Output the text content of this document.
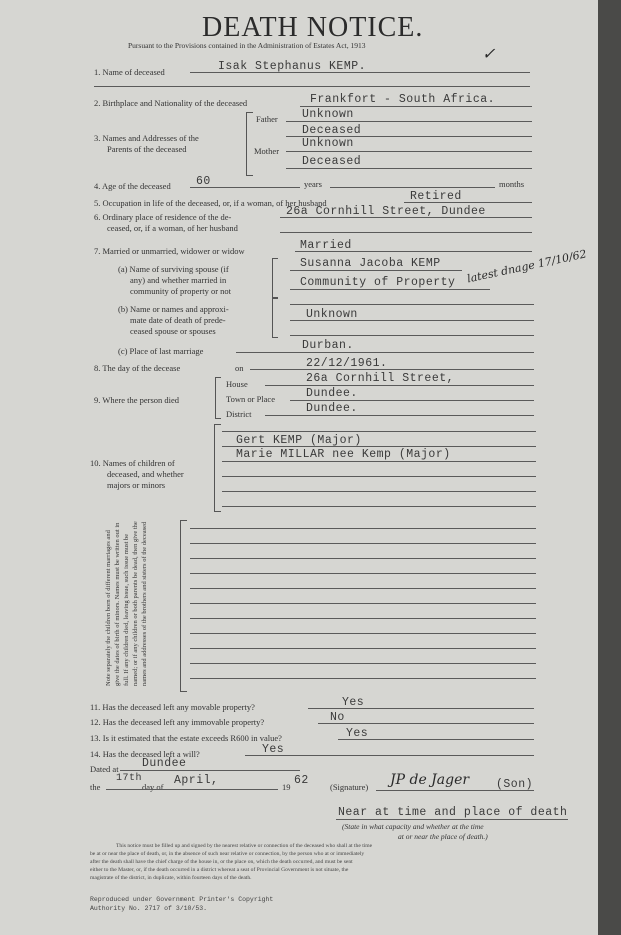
DEATH NOTICE.
Pursuant to the Provisions contained in the Administration of Estates Act, 1913	✓
1. Name of deceased	Isak Stephanus KEMP.
2. Birthplace and Nationality of the deceased	Frankfort - South Africa.
3. Names and Addresses of the
Parents of the deceased
Father Unknown
Deceased
Mother
Unknown
Deceased
4. Age of the deceased 60	years	months
5. Occupation in life of the deceased, or, if a woman, of her husband	Retired
6. Ordinary place of residence of the de-
ceased, or, if a woman, of her husband
26a Cornhill Street, Dundee
7. Married or unmarried, widower or widow	Married
(a) Name of surviving spouse (if
any) and whether married in
community of property or not
Susanna Jacoba KEMP
Community of Property latest dnage 17/10/62
(b) Name or names and approxi-
mate date of death of prede-
ceased spouse or spouses
Unknown
(c) Place of last marriage	Durban.
8. The day of the decease	on	22/12/1961.
9. Where the person died
House	26a Cornhill Street,
Town or Place	Dundee.
District	Dundee.
10. Names of children of
deceased, and whether
majors or minors
Gert KEMP (Major)
Marie MILLAR nee Kemp (Major)
Note separately the children born of different marriages and give the dates of birth of minors. Names must be written out in full. If any children died, leaving issue, such issue must be named; or if any children or both parents be dead, then give the names and addresses of the brothers and sisters of the deceased
11. Has the deceased left any movable property?	Yes
12. Has the deceased left any immovable property?	No
13. Is it estimated that the estate exceeds R600 in value?	Yes
14. Has the deceased left a will?	Yes
Dated at Dundee
the
17th
day of April,	19 62 (Signature) JP de Jager (Son)
Near at time and place of death
(State in what capacity and whether at the time
at or near the place of death.)
This notice must be filled up and signed by the nearest relative or connection of the deceased who shall at the time
be at or near the place of death, or, in the absence of such near relative or connection, by the person who at or immediately
after the death shall have the chief charge of the house in, or the place on, which the death occurred, and must be sent
either to the Master, or, if the death occurred in a district whereat a seat of Provincial Government is not situate, the
magistrate of the district, in duplicate, within fourteen days of the death.
Reproduced under Government Printer's Copyright
Authority No. 2717 of 3/10/53.
